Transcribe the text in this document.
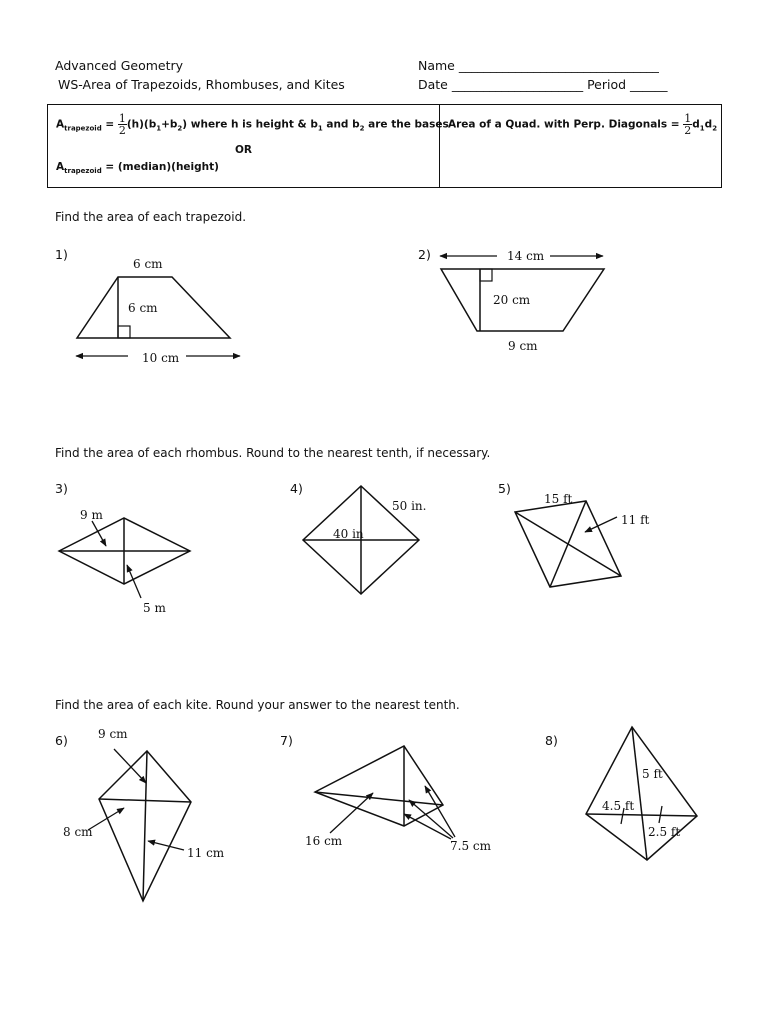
Advanced Geometry
WS-Area of Trapezoids, Rhombuses, and Kites
Name ________________________________
Date _____________________ Period ______
$A_{trapezoid} = \frac{1}{2} (h)(b_1+b_2)$ where h is height & $b_1$ and $b_2$ are the bases
OR
$A_{trapezoid}$ = (median)(height)
Area of a Quad. with Perp. Diagonals = $\frac{1}{2} d_1d_2$
Find the area of each trapezoid.
Find the area of each rhombus. Round to the nearest tenth, if necessary.
Find the area of each kite. Round your answer to the nearest tenth.
1)	2)
3)	4)	5)
6)	7)	8)
6 cm
6 cm
10 cm
14 cm
20 cm
9 cm
9 m
5 m
50 in.
40 in
15 ft
11 ft
9 cm
8 cm
11 cm
16 cm	7.5 cm
5 ft
4.5 ft
2.5 ft
